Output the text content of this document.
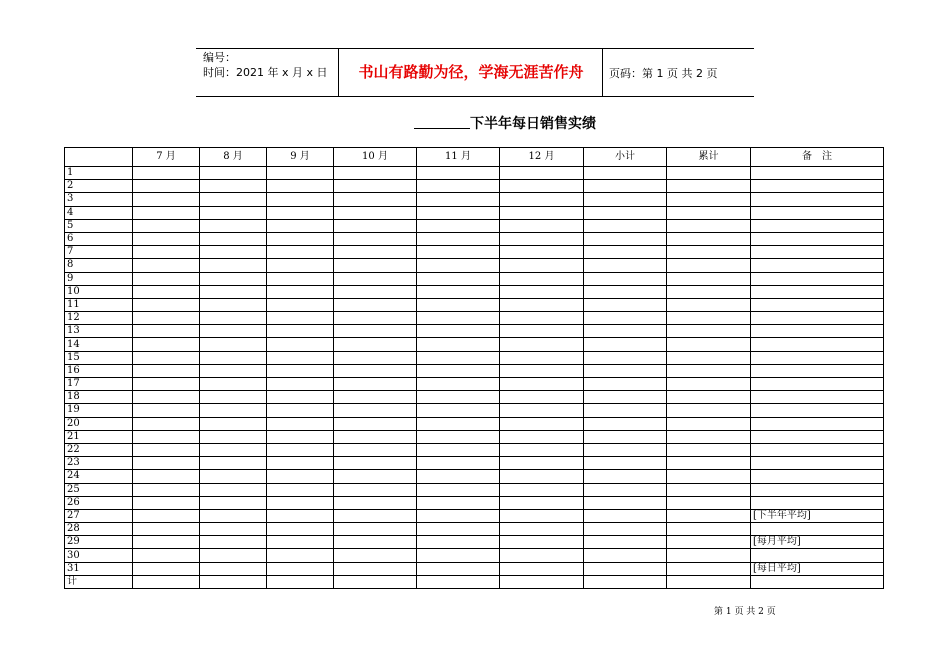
编号：
时间：2021 年 x 月 x 日	书山有路勤为径，学海无涯苦作舟	页码：第 1 页 共 2 页
下半年每日销售实绩
	7 月	8 月	9 月	10 月	11 月	12 月	小计	累计	备　注
1									
2									
3									
4									
5									
6									
7									
8									
9									
10									
11									
12									
13									
14									
15									
16									
17									
18									
19									
20									
21									
22									
23									
24									
25									
26									
27									[下半年平均]
28									
29									[每月平均]
30									
31									[每日平均]
计									
第 1 页 共 2 页
